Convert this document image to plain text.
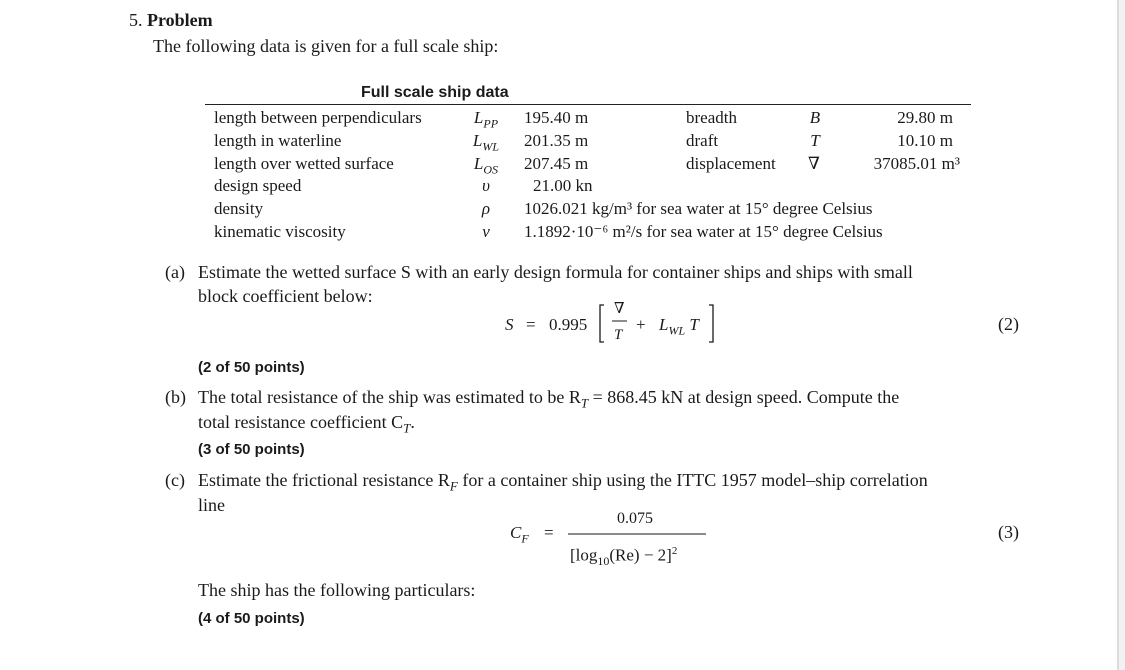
5. Problem
The following data is given for a full scale ship:
Full scale ship data
length between perpendiculars
length in waterline
length over wetted surface
design speed
density
kinematic viscosity
$L_{PP}$
$L_{WL}$
$L_{OS}$
υ
ρ
ν
195.40 m
201.35 m
207.45 m
21.00 kn
1026.021 kg/m³ for sea water at 15° degree Celsius
1.1892·10⁻⁶ m²/s for sea water at 15° degree Celsius
breadth
draft
displacement
B
T
∇
29.80 m
10.10 m
37085.01 m³
(a) Estimate the wetted surface S with an early design formula for container ships and ships with small
block coefficient below:
S = 0.995
∇
T
+ $L_{WL}$ T	(2)
(2 of 50 points)
(b) The total resistance of the ship was estimated to be $R_T = 868.45$ kN at design speed. Compute the
total resistance coefficient $C_T$.
(3 of 50 points)
(c) Estimate the frictional resistance $R_F$ for a container ship using the ITTC 1957 model–ship correlation
line
$C_F$ =
0.075
$[\log_{10}(Re) - 2]^2$
(3)
The ship has the following particulars:
(4 of 50 points)
